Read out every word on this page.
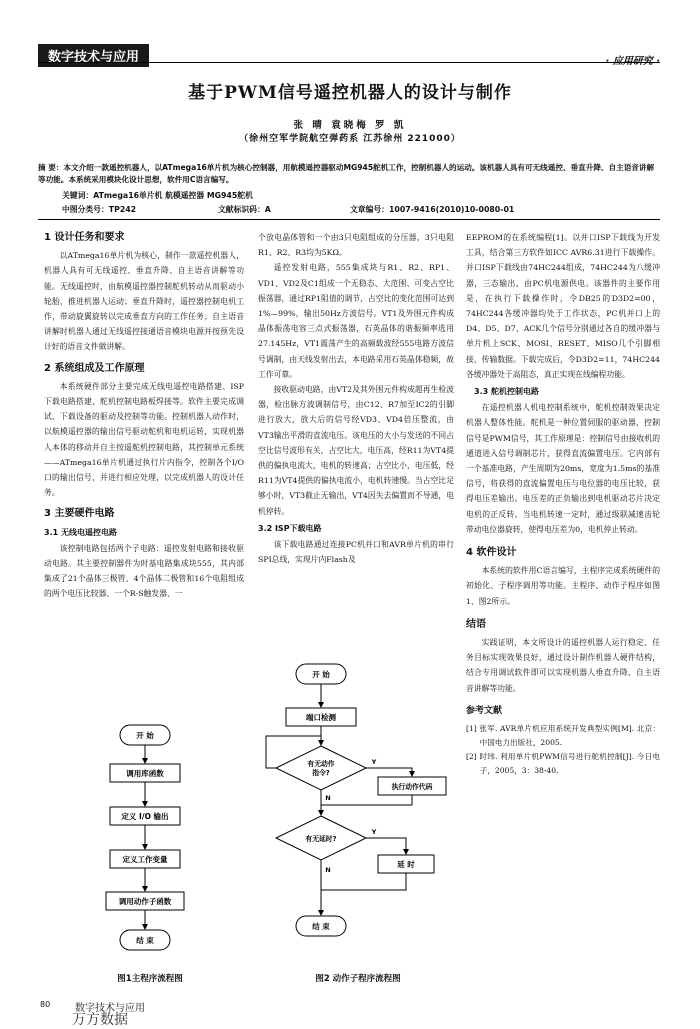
数字技术与应用	· 应用研究 ·
基于PWM信号遥控机器人的设计与制作
张 晴 袁晓梅 罗 凯
（徐州空军学院航空弹药系 江苏徐州 221000）
摘 要：本文介绍一款遥控机器人，以ATmega16单片机为核心控制器，用航模遥控器驱动MG945舵机工作，控制机器人的运动。该机器人具有可无线遥控、垂直升降、自主语音讲解等功能。本系统采用模块化设计思想，软件用C语言编写。
关键词：ATmega16单片机 航模遥控器 MG945舵机
中图分类号：TP242	文献标识码：A	文章编号：1007-9416(2010)10-0080-01
1 设计任务和要求

以ATmega16单片机为核心，制作一款遥控机器人，机器人具有可无线遥控、垂直升降、自主语音讲解等功能。无线遥控时，由航模遥控器控制舵机转动从而驱动小轮胎，推进机器人运动；垂直升降时，遥控器控制电机工作，带动旋翼旋转以完成垂直方向的工作任务；自主语音讲解时机器人通过无线遥控接通语音模块电源并按预先设计好的语音文件做讲解。

2 系统组成及工作原理

本系统硬件部分主要完成无线电遥控电路搭建、ISP下载电路搭建、舵机控制电路板焊接等。软件主要完成调试、下载设备的驱动及控制等功能。控制机器人动作时，以航模遥控器的输出信号驱动舵机和电机运转，实现机器人本体的移动并自主按遥舵机控制电路，其控制单元系统——ATmega16单片机通过执行片内指令，控制各个I/O口的输出信号，并进行相应处理，以完成机器人的设计任务。

3 主要硬件电路
3.1 无线电遥控电路

该控制电路包括两个子电路：遥控发射电路和接收驱动电路。其主要控制器件为时基电路集成块555，其内部集成了21个晶体三极管、4个晶体二极管和16个电阻组成的两个电压比较器、一个R-S触发器、一

个放电晶体管和一个由3只电阻组成的分压器，3只电阻R1、R2、R3均为5KΩ。

遥控发射电路，555集成块与R1、R2、RP1、VD1、VD2及C1组成一个无稳态、大范围、可变占空比振荡器，通过RP1阻值的调节，占空比的变化范围可达到1%—99%，输出50Hz方波信号。VT1及外围元件构成晶体振荡电容三点式振荡器，石英晶体的谐振频率选用27.145Hz，VT1震荡产生的高频载波经555电路方波信号调制，由天线发射出去，本电路采用石英晶体稳频，故工作可靠。

接收驱动电路，由VT2及其外围元件构成超再生检波器，检出脉方波调制信号，由C12、R7加至IC2的引脚进行放大，放大后的信号经VD3、VD4倍压整流，由VT3输出平滑的直流电压。该电压的大小与发送的不同占空比信号波形有关，占空比大，电压高，经R11为VT4提供的偏执电流大，电机的转速高；占空比小，电压低，经R11为VT4提供的偏执电流小，电机转速慢。当占空比足够小时，VT3截止无输出，VT4因失去偏置而不导通，电机停转。

3.2 ISP下载电路

该下载电路通过连接PC机并口和AVR单片机的串行SPI总线，实现片内Flash及

EEPROM的在系统编程[1]。以并口ISP下载线为开发工具，结合第三方软件如ICC AVR6.31进行下载操作。并口ISP下载线由74HC244组成，74HC244为八缓冲器，三态输出，由PC机电源供电。该器件的主要作用是，在执行下载操作时，令DB25的D3D2=00，74HC244各缓冲器均处于工作状态，PC机并口上的D4、D5、D7、ACK几个信号分别通过各自的缓冲器与单片机上SCK、MOSI、RESET、MISO几个引脚相接，传输数据。下载完成后，令D3D2=11，74HC244各缓冲器处于高阻态，真正实现在线编程功能。

3.3 舵机控制电路

在遥控机器人机电控制系统中，舵机控制效果决定机器人整体性能。舵机是一种位置伺服的驱动器，控制信号是PWM信号，其工作原理是：控制信号由接收机的通道进入信号调制芯片，获得直流偏置电压。它内部有一个基准电路，产生周期为20ms，宽度为1.5ms的基准信号，将获得的直流偏置电压与电位器的电压比较，获得电压差输出。电压差的正负输出到电机驱动芯片决定电机的正反转。当电机转速一定时，通过级联减速齿轮带动电位器旋转，使得电压差为0，电机停止转动。

4 软件设计

本系统的软件用C语言编写，主程序完成系统硬件的初始化、子程序调用等功能。主程序、动作子程序如图1、图2所示。

结语

实践证明，本文所设计的遥控机器人运行稳定、任务目标实现效果良好，通过设计制作机器人硬件结构，结合专用调试软件即可以实现机器人垂直升降、自主语音讲解等功能。

参考文献

[1] 张军. AVR单片机应用系统开发典型实例[M]. 北京：中国电力出版社，2005.

[2] 时玮. 利用单片机PWM信号进行舵机控制[J]. 今日电子，2005，3：38-40.

开 始
调用库函数
定义 I/O 输出
定义工作变量
调用动作子函数
结 束
图1主程序流程图
开 始
端口检测
有无动作
指令?
执行动作代码
有无延时?
延 时
结 束
Y
N
Y
N
图2 动作子程序流程图
80 数字技术与应用
万方数据
